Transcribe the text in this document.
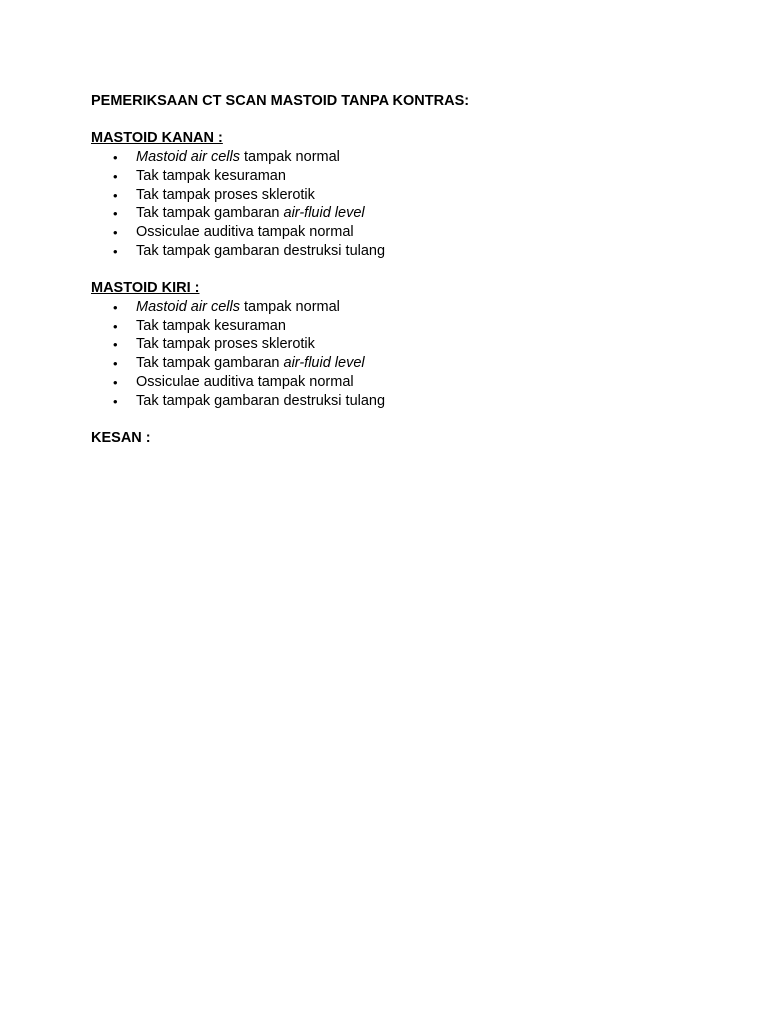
PEMERIKSAAN CT SCAN MASTOID TANPA KONTRAS:
MASTOID KANAN :
• Mastoid air cells tampak normal
• Tak tampak kesuraman
• Tak tampak proses sklerotik
• Tak tampak gambaran air-fluid level
• Ossiculae auditiva tampak normal
• Tak tampak gambaran destruksi tulang
MASTOID KIRI :
• Mastoid air cells tampak normal
• Tak tampak kesuraman
• Tak tampak proses sklerotik
• Tak tampak gambaran air-fluid level
• Ossiculae auditiva tampak normal
• Tak tampak gambaran destruksi tulang
KESAN :
